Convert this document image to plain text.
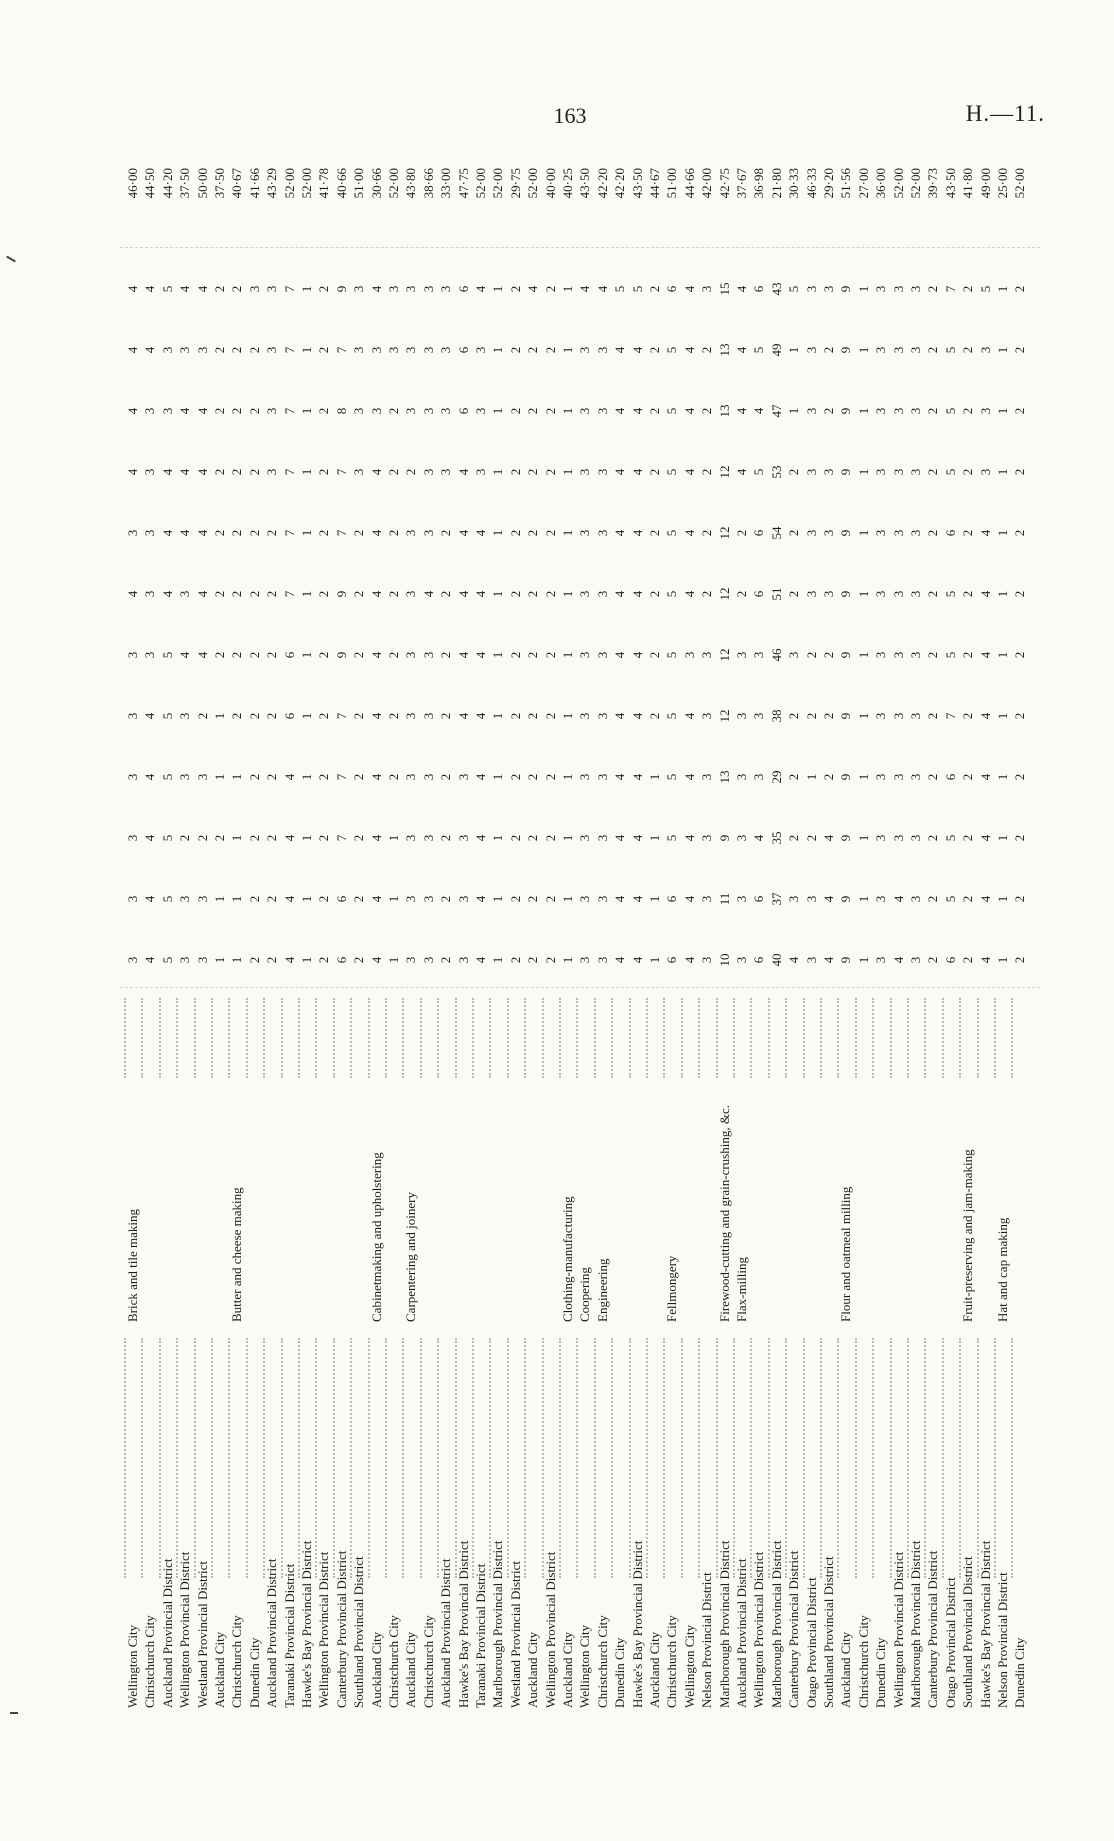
163	H.—11.
Wellington City
Brick and tile making
3
3
3
3
3
3
4
3
4
4
4
4
46·00
Christchurch City
4
4
4
4
4
3
3
3
3
3
4
4
44·50
Auckland Provincial District
5
5
5
5
5
5
4
4
4
3
3
5
44·20
Wellington Provincial District
3
3
2
3
3
4
3
4
4
4
3
4
37·50
Westland Provincial District
3
3
2
3
2
4
4
4
4
4
3
4
50·00
Auckland City
1
1
2
1
1
2
2
2
2
2
2
2
37·50
Christchurch City
Butter and cheese making
1
1
1
1
2
2
2
2
2
2
2
2
40·67
Dunedin City
2
2
2
2
2
2
2
2
2
2
2
3
41·66
Auckland Provincial District
2
2
2
2
2
2
2
2
3
3
3
3
43·29
Taranaki Provincial District
4
4
4
4
6
6
7
7
7
7
7
7
52·00
Hawke's Bay Provincial District
1
1
1
1
1
1
1
1
1
1
1
1
52·00
Wellington Provincial District
2
2
2
2
2
2
2
2
2
2
2
2
41·78
Canterbury Provincial District
6
6
7
7
7
9
9
7
7
8
7
9
40·66
Southland Provincial District
2
2
2
2
2
2
2
2
3
3
3
3
51·00
Auckland City
Cabinetmaking and upholstering
4
4
4
4
4
4
4
4
4
3
3
4
30·66
Christchurch City
1
1
1
2
2
2
2
2
2
2
3
3
52·00
Auckland City
Carpentering and joinery
3
3
3
3
3
3
3
3
2
3
3
3
43·80
Christchurch City
3
3
3
3
3
3
4
3
3
3
3
3
38·66
Auckland Provincial District
2
2
2
2
2
2
2
2
3
3
3
3
33·00
Hawke's Bay Provincial District
3
3
3
3
4
4
4
4
4
6
6
6
47·75
Taranaki Provincial District
4
4
4
4
4
4
4
4
3
3
3
4
52·00
Marlborough Provincial District
1
1
1
1
1
1
1
1
1
1
1
1
52·00
Westland Provincial District
2
2
2
2
2
2
2
2
2
2
2
2
29·75
Auckland City
2
2
2
2
2
2
2
2
2
2
2
4
52·00
Wellington Provincial District
2
2
2
2
2
2
2
2
2
2
2
2
40·00
Auckland City
Clothing-manufacturing
1
1
1
1
1
1
1
1
1
1
1
1
40·25
Wellington City
Coopering
3
3
3
3
3
3
3
3
3
3
3
4
43·50
Christchurch City
Engineering
3
3
3
3
3
3
3
3
3
3
3
4
42·20
Dunedin City
4
4
4
4
4
4
4
4
4
4
4
5
42·20
Hawke's Bay Provincial District
4
4
4
4
4
4
4
4
4
4
4
5
43·50
Auckland City
1
1
1
1
2
2
2
2
2
2
2
2
44·67
Christchurch City
Fellmongery
6
6
5
5
5
5
5
5
5
5
5
6
51·00
Wellington City
4
4
4
4
4
3
4
4
4
4
4
4
44·66
Nelson Provincial District
3
3
3
3
3
3
2
2
2
2
2
3
42·00
Marlborough Provincial District
Firewood-cutting and grain-crushing, &c.
10
11
9
13
12
12
12
12
12
13
13
15
42·75
Auckland Provincial District
Flax-milling
3
3
3
3
3
3
2
2
4
4
4
4
37·67
Wellington Provincial District
6
6
4
3
3
3
6
6
5
4
5
6
36·98
Marlborough Provincial District
40
37
35
29
38
46
51
54
53
47
49
43
21·80
Canterbury Provincial District
4
3
2
2
2
3
2
2
2
1
1
5
30·33
Otago Provincial District
3
3
2
1
2
2
3
3
3
3
3
3
46·33
Southland Provincial District
4
4
4
2
2
2
3
3
3
2
2
3
29·20
Auckland City
Flour and oatmeal milling
9
9
9
9
9
9
9
9
9
9
9
9
51·56
Christchurch City
1
1
1
1
1
1
1
1
1
1
1
1
27·00
Dunedin City
3
3
3
3
3
3
3
3
3
3
3
3
36·00
Wellington Provincial District
4
4
3
3
3
3
3
3
3
3
3
3
52·00
Marlborough Provincial District
3
3
3
3
3
3
3
3
3
3
3
3
52·00
Canterbury Provincial District
2
2
2
2
2
2
2
2
2
2
2
2
39·73
Otago Provincial District
6
5
5
6
7
5
5
6
5
5
5
7
43·50
Southland Provincial District
Fruit-preserving and jam-making
2
2
2
2
2
2
2
2
2
2
2
2
41·80
Hawke's Bay Provincial District
4
4
4
4
4
4
4
4
3
3
3
5
49·00
Nelson Provincial District
Hat and cap making
1
1
1
1
1
1
1
1
1
1
1
1
25·00
Dunedin City
2
2
2
2
2
2
2
2
2
2
2
2
52·00
